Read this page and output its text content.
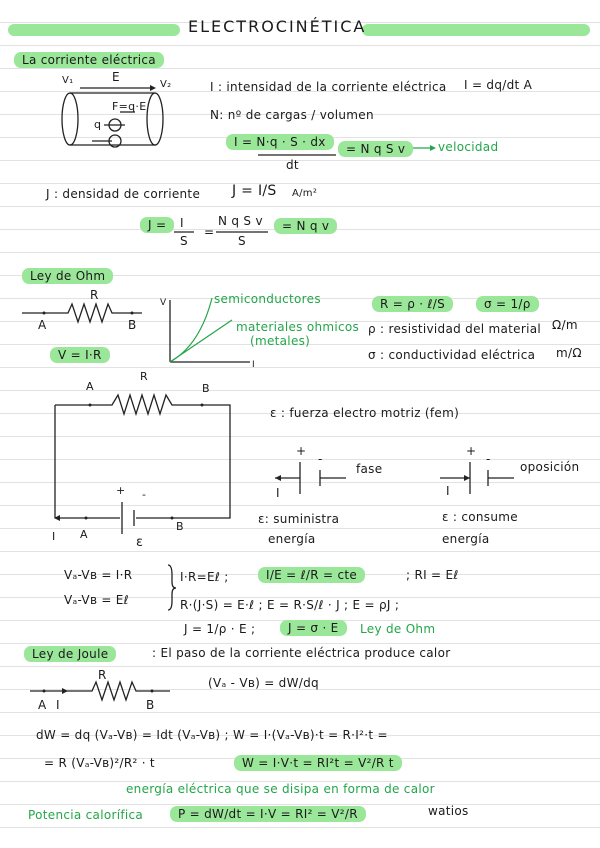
ELECTROCINÉTICA
La corriente eléctrica
V₁	E
V₂
F=q·E
q
I : intensidad de la corriente eléctrica I = dq/dt A
N: nº de cargas / volumen
I = N·q · S · dx
dt
= N q S v	velocidad
J : densidad de corriente J = I/S A/m²
J =	I
S
=
N q S v
S
= N q v
Ley de Ohm
R
A	B
V = I·R
V
I
semiconductores
materiales ohmicos
(metales)
R = ρ · ℓ/S	σ = 1/ρ
ρ : resistividad del material Ω/m
σ : conductividad eléctrica m/Ω
A
R
B
+ -
I A
B
ε
ε : fuerza electro motriz (fem)
+
-
I
fase
+
-
I
oposición
ε: suministra
energía
ε : consume
energía
Vₐ-Vʙ = I·R
Vₐ-Vʙ = Eℓ
I·R=Eℓ ;	I/E = ℓ/R = cte	; RI = Eℓ
R·(J·S) = E·ℓ ; E = R·S/ℓ · J ; E = ρJ ;
J = 1/ρ · E ;	J = σ · E	Ley de Ohm
Ley de Joule	: El paso de la corriente eléctrica produce calor
R
A I	B
(Vₐ - Vʙ) = dW/dq
dW = dq (Vₐ-Vʙ) = Idt (Vₐ-Vʙ) ; W = I·(Vₐ-Vʙ)·t = R·I²·t =
= R (Vₐ-Vʙ)²/R² · t	W = I·V·t = RI²t = V²/R t
energía eléctrica que se disipa en forma de calor
Potencia calorífica	P = dW/dt = I·V = RI² = V²/R	watios
